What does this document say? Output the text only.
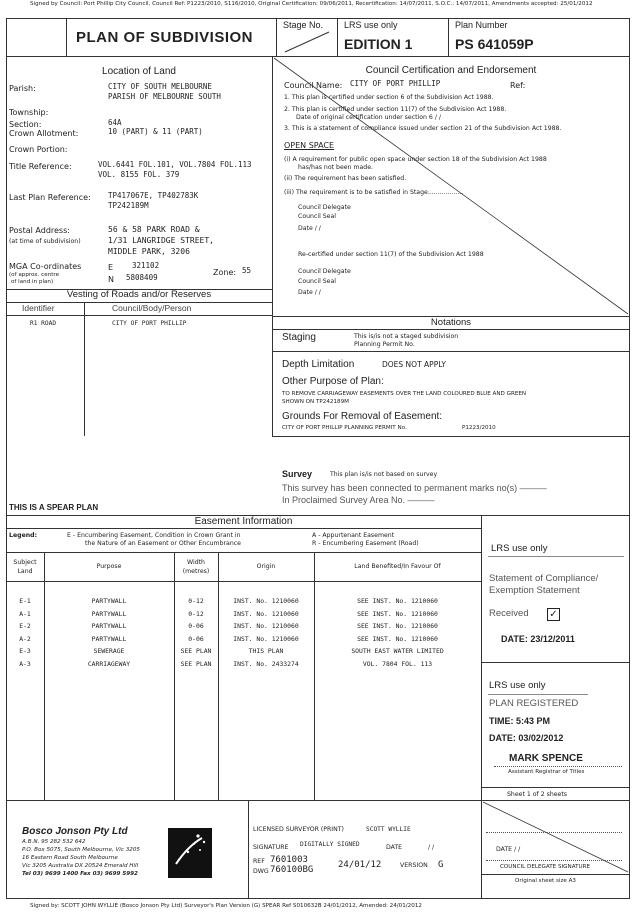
Signed by Council: Port Phillip City Council, Council Ref: P1223/2010, S116/2010, Original Certification: 09/06/2011, Recertification: 14/07/2011, S.O.C.: 14/07/2011, Amendments accepted: 25/01/2012
PLAN OF SUBDIVISION
Stage No. LRS use only
EDITION 1
Plan Number
PS 641059P
Location of Land
Parish:	CITY OF SOUTH MELBOURNE
PARISH OF MELBOURNE SOUTH
Township:
Section:	64A
Crown Allotment:	10 (PART) & 11 (PART)
Crown Portion:
Title Reference:	VOL.6441 FOL.101, VOL.7804 FOL.113
VOL. 8155 FOL. 379
Last Plan Reference: TP417067E, TP402783K
TP242189M
Postal Address:
(at time of subdivision)
56 & 58 PARK ROAD &
1/31 LANGRIDGE STREET,
MIDDLE PARK, 3206
MGA Co-ordinates
(of approx. centre
of land in plan)
E	321102
N 5808409
Zone: 55
Vesting of Roads and/or Reserves
Identifier	Council/Body/Person
R1 ROAD	CITY OF PORT PHILLIP
Council Certification and Endorsement
Council Name: CITY OF PORT PHILLIP	Ref:
1. This plan is certified under section 6 of the Subdivision Act 1988.
2. This plan is certified under section 11(7) of the Subdivision Act 1988.
Date of original certification under section 6 / /
3. This is a statement of compliance issued under section 21 of the Subdivision Act 1988.
OPEN SPACE
(i) A requirement for public open space under section 18 of the Subdivision Act 1988
has/has not been made.
(ii) The requirement has been satisfied.
(iii) The requirement is to be satisfied in Stage..................
Council Delegate
Council Seal
Date / /
Re-certified under section 11(7) of the Subdivision Act 1988
Council Delegate
Council Seal
Date / /
Notations
Staging	This is/is not a staged subdivision
Planning Permit No.
Depth Limitation	DOES NOT APPLY
Other Purpose of Plan:
TO REMOVE CARRIAGEWAY EASEMENTS OVER THE LAND COLOURED BLUE AND GREEN
SHOWN ON TP242189M
Grounds For Removal of Easement:
CITY OF PORT PHILLIP PLANNING PERMIT No.	P1223/2010
Survey	This plan is/is not based on survey
This survey has been connected to permanent marks no(s) ———
In Proclaimed Survey Area No. ———
THIS IS A SPEAR PLAN
Easement Information
Legend:	E - Encumbering Easement, Condition in Crown Grant in
the Nature of an Easement or Other Encumbrance
A - Appurtenant Easement
R - Encumbering Easement (Road)
Subject
Land
Purpose
Width
(metres)
Origin	Land Benefited/In Favour Of
E-1	PARTYWALL	0-12	INST. No. 1210060	SEE INST. No. 1210060
A-1	PARTYWALL	0-12	INST. No. 1210060	SEE INST. No. 1210060
E-2	PARTYWALL	0-06	INST. No. 1210060	SEE INST. No. 1210060
A-2	PARTYWALL	0-06	INST. No. 1210060	SEE INST. No. 1210060
E-3	SEWERAGE	SEE PLAN	THIS PLAN	SOUTH EAST WATER LIMITED
A-3	CARRIAGEWAY	SEE PLAN	INST. No. 2433274	VOL. 7804 FOL. 113
LRS use only
Statement of Compliance/
Exemption Statement
Received ✓
DATE: 23/12/2011
LRS use only
PLAN REGISTERED
TIME: 5:43 PM
DATE: 03/02/2012
MARK SPENCE
Assistant Registrar of Titles
Sheet 1 of 2 sheets
Bosco Jonson Pty Ltd
A.B.N. 95 282 532 642
P.O. Box 5075, South Melbourne, Vic 3205
16 Eastern Road South Melbourne
Vic 3205 Australia DX 20524 Emerald Hill
Tel 03) 9699 1400 Fax 03) 9699 5992
LICENSED SURVEYOR (PRINT)	SCOTT WYLLIE
SIGNATURE DIGITALLY SIGNED	DATE	/ /
REF 7601003
DWG 760100BG	24/01/12	VERSION G
DATE / /
COUNCIL DELEGATE SIGNATURE
Original sheet size A3
Signed by: SCOTT JOHN WYLLIE (Bosco Jonson Pty Ltd) Surveyor's Plan Version (G) SPEAR Ref S010632B 24/01/2012, Amended: 24/01/2012
